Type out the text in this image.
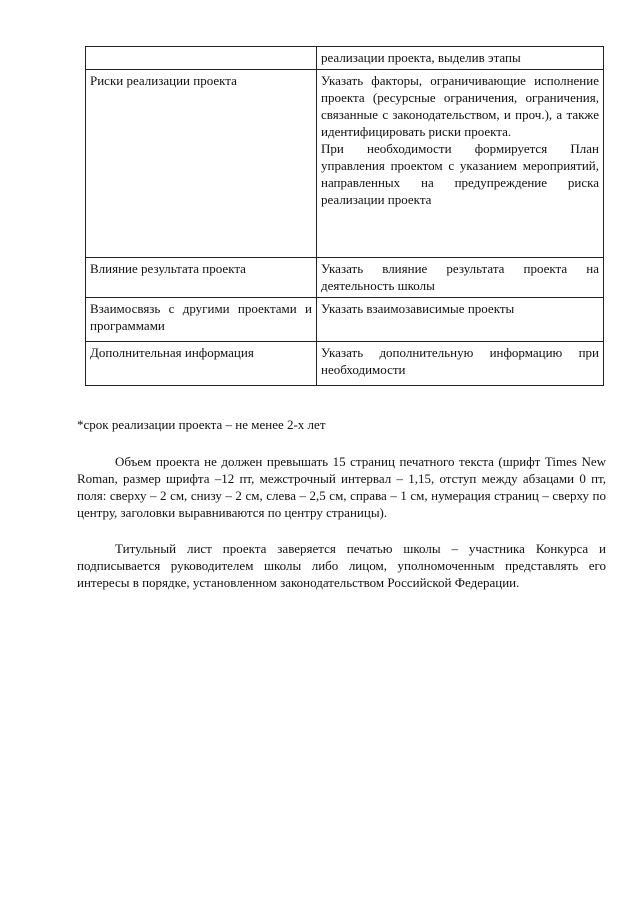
	реализации проекта, выделив этапы

Риски реализации проекта	Указать факторы, ограничивающие исполнение проекта (ресурсные ограничения, ограничения, связанные с законодательством, и проч.), а также идентифицировать риски проекта.
При необходимости формируется План управления проектом с указанием мероприятий, направленных на предупреждение риска реализации проекта

Влияние результата проекта	Указать влияние результата проекта на деятельность школы

Взаимосвязь с другими проектами и программами	Указать взаимозависимые проекты

Дополнительная информация	Указать дополнительную информацию при необходимости

*срок реализации проекта – не менее 2-х лет

Объем проекта не должен превышать 15 страниц печатного текста (шрифт Times New Roman, размер шрифта –12 пт, межстрочный интервал – 1,15, отступ между абзацами 0 пт, поля: сверху – 2 см, снизу – 2 см, слева – 2,5 см, справа – 1 см, нумерация страниц – сверху по центру, заголовки выравниваются по центру страницы).

Титульный лист проекта заверяется печатью школы – участника Конкурса и подписывается руководителем школы либо лицом, уполномоченным представлять его интересы в порядке, установленном законодательством Российской Федерации.
